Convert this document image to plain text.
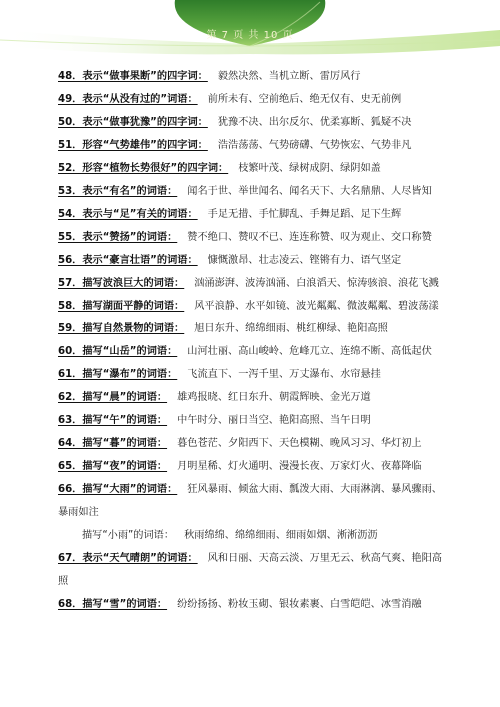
第 7 页 共 10 页
48．表示“做事果断”的四字词： 毅然决然、当机立断、雷厉风行
49．表示“从没有过的”词语： 前所未有、空前绝后、绝无仅有、史无前例
50．表示“做事犹豫”的四字词： 犹豫不决、出尔反尔、优柔寡断、狐疑不决
51．形容“气势雄伟”的四字词： 浩浩荡荡、气势磅礴、气势恢宏、气势非凡
52．形容“植物长势很好”的四字词： 枝繁叶茂、绿树成阴、绿阴如盖
53．表示“有名”的词语： 闻名于世、举世闻名、闻名天下、大名鼎鼎、人尽皆知
54．表示与“足”有关的词语： 手足无措、手忙脚乱、手舞足蹈、足下生辉
55．表示“赞扬”的词语： 赞不绝口、赞叹不已、连连称赞、叹为观止、交口称赞
56．表示“豪言壮语”的词语： 慷慨激昂、壮志凌云、铿锵有力、语气坚定
57．描写波浪巨大的词语： 汹涌澎湃、波涛汹涌、白浪滔天、惊涛骇浪、浪花飞溅
58．描写湖面平静的词语： 风平浪静、水平如镜、波光粼粼、微波粼粼、碧波荡漾
59．描写自然景物的词语： 旭日东升、绵绵细雨、桃红柳绿、艳阳高照
60．描写“山岳”的词语： 山河壮丽、高山峻岭、危峰兀立、连绵不断、高低起伏
61．描写“瀑布”的词语： 飞流直下、一泻千里、万丈瀑布、水帘悬挂
62．描写“晨”的词语： 雄鸡报晓、红日东升、朝霞辉映、金光万道
63．描写“午”的词语： 中午时分、丽日当空、艳阳高照、当午日明
64．描写“暮”的词语： 暮色苍茫、夕阳西下、天色模糊、晚风习习、华灯初上
65．描写“夜”的词语： 月明星稀、灯火通明、漫漫长夜、万家灯火、夜幕降临
66．描写“大雨”的词语： 狂风暴雨、倾盆大雨、瓢泼大雨、大雨淋漓、暴风骤雨、
暴雨如注
描写“小雨”的词语： 秋雨绵绵、绵绵细雨、细雨如烟、淅淅沥沥
67．表示“天气晴朗”的词语： 风和日丽、天高云淡、万里无云、秋高气爽、艳阳高
照
68．描写“雪”的词语： 纷纷扬扬、粉妆玉砌、银妆素裹、白雪皑皑、冰雪消融
